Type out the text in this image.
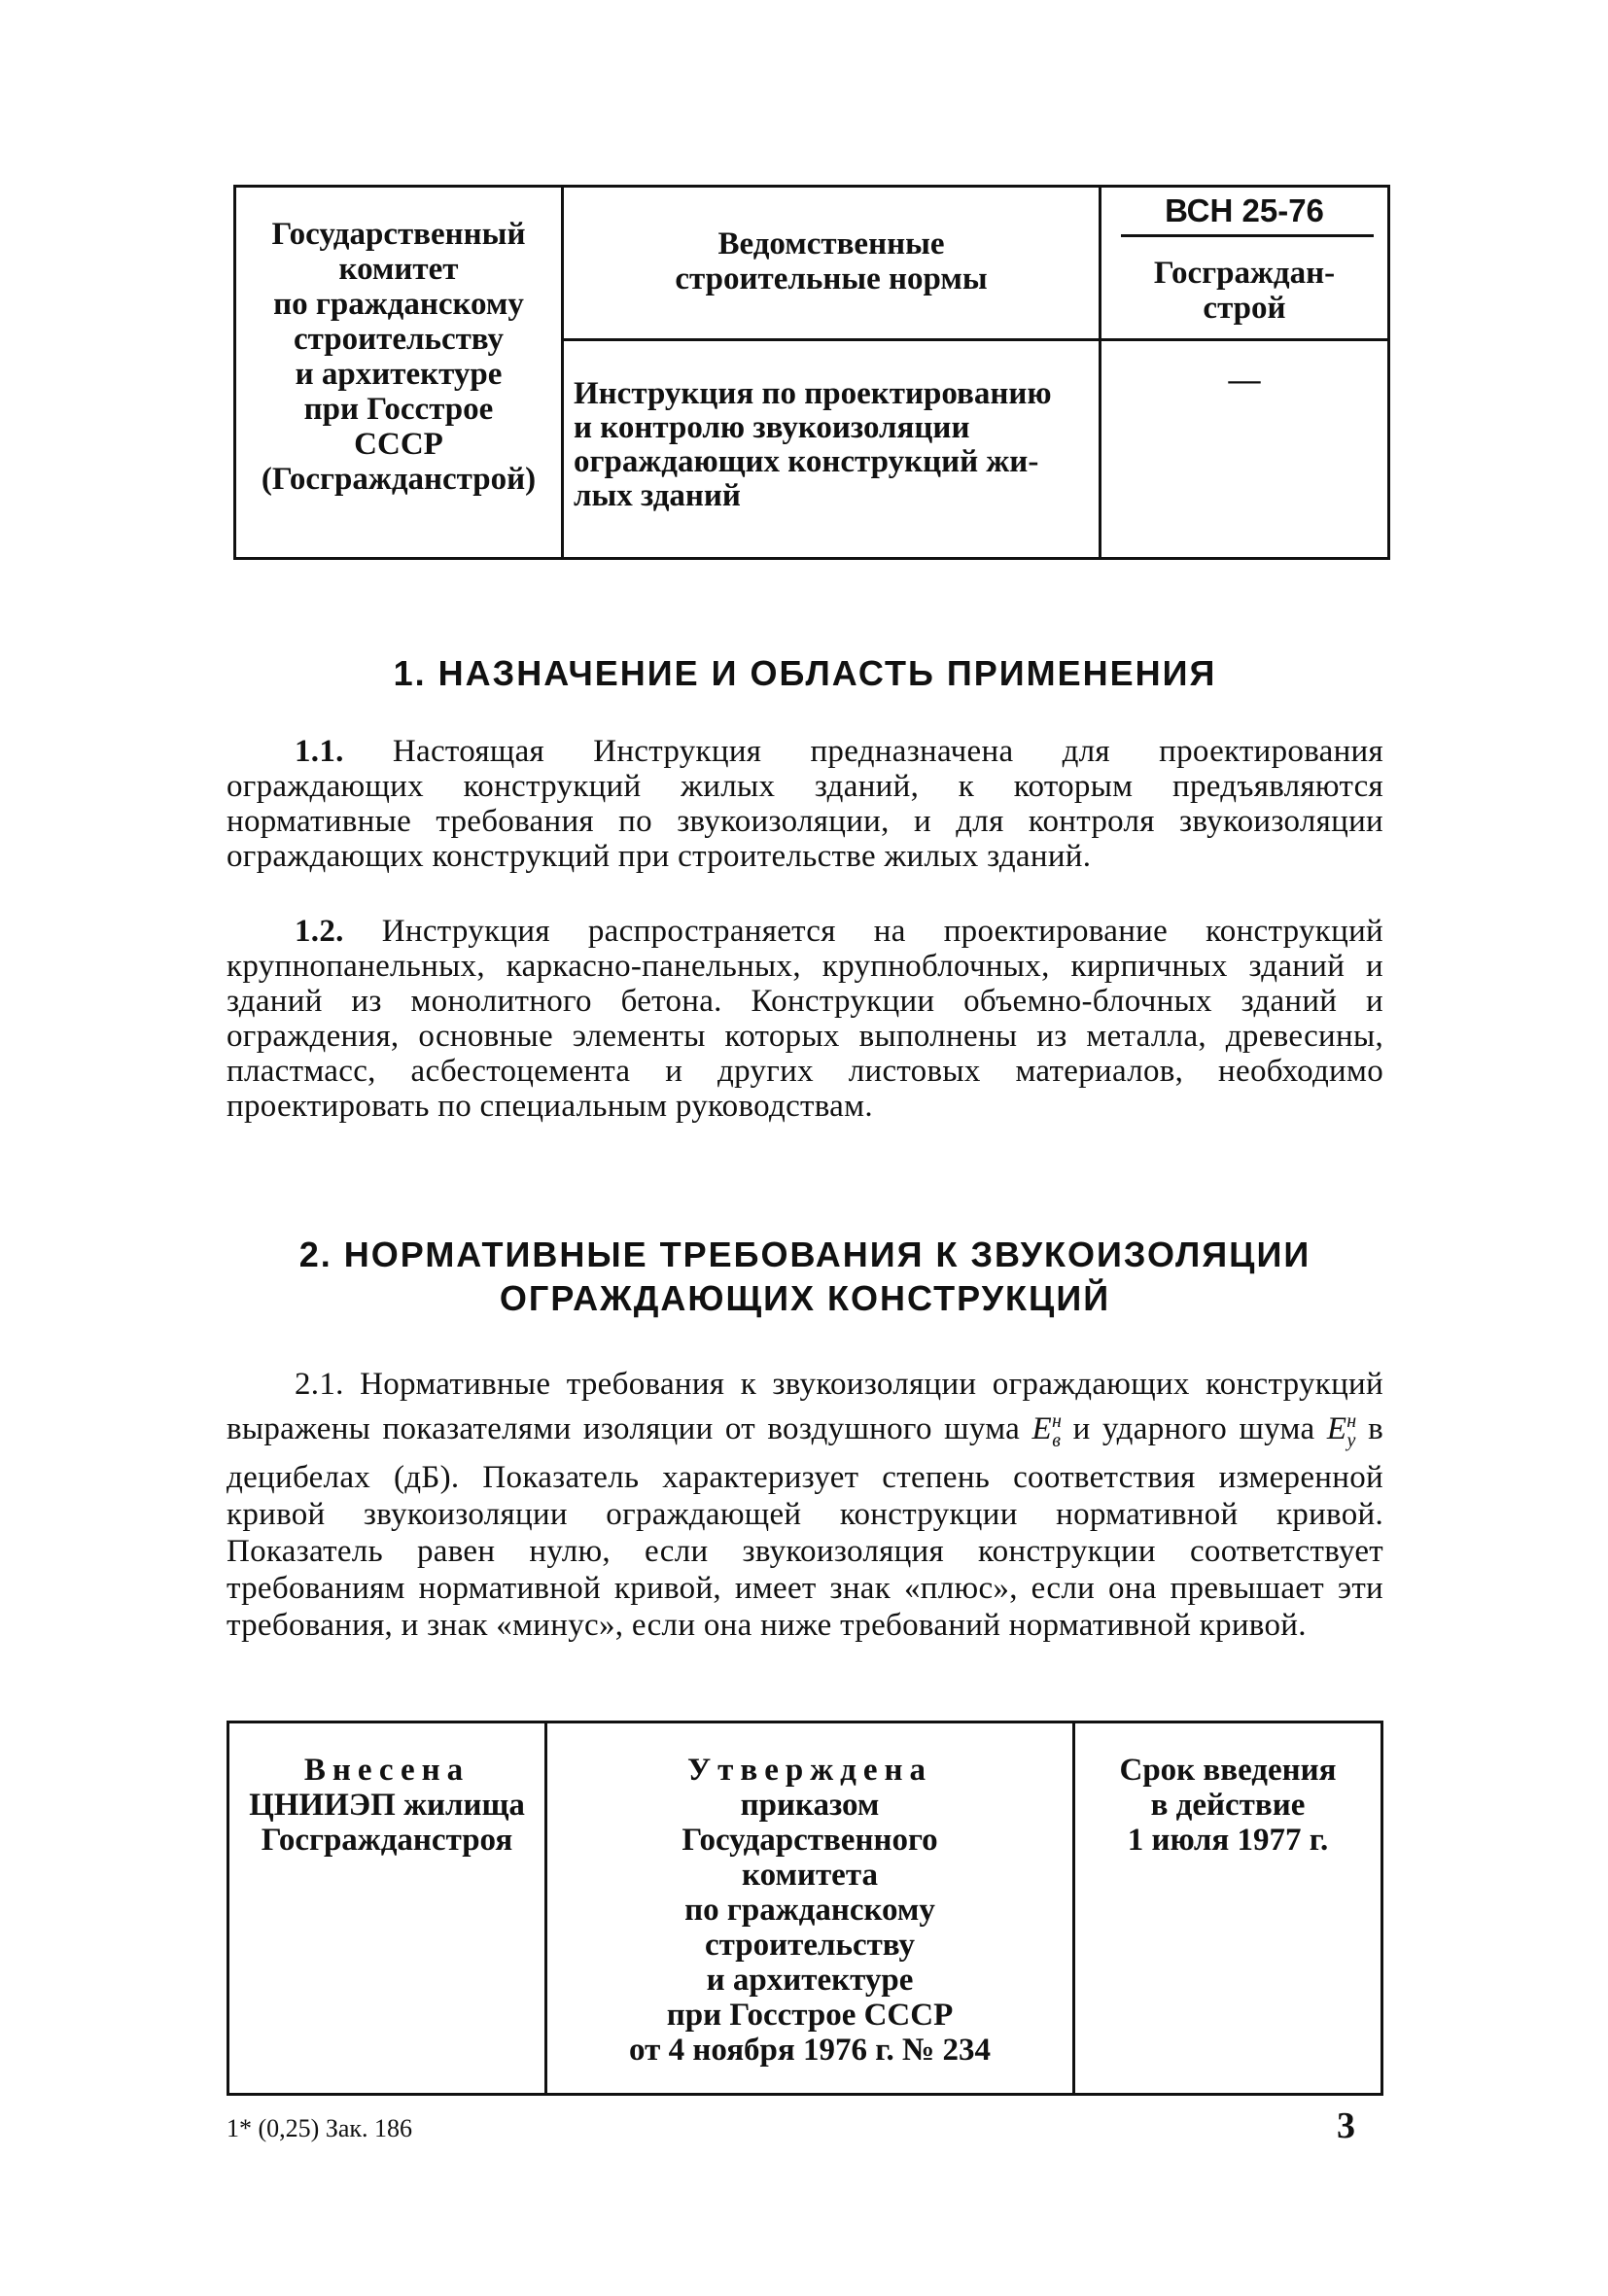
Государственный
комитет
по гражданскому
строительству
и архитектуре
при Госстрое
СССР
(Госгражданстрой)
Ведомственные
строительные нормы
Инструкция по проектированию
и контролю звукоизоляции
ограждающих конструкций жи-
лых зданий
ВСН 25-76
Госграждан-
строй
—
1. НАЗНАЧЕНИЕ И ОБЛАСТЬ ПРИМЕНЕНИЯ
1.1. Настоящая Инструкция предназначена для проектирования ограждающих конструкций жилых зданий, к которым предъявляются нормативные требования по звукоизоляции, и для контроля звукоизоляции ограждающих конструкций при строительстве жилых зданий.
1.2. Инструкция распространяется на проектирование конструкций крупнопанельных, каркасно-панельных, крупноблочных, кирпичных зданий и зданий из монолитного бетона. Конструкции объемно-блочных зданий и ограждения, основные элементы которых выполнены из металла, древесины, пластмасс, асбестоцемента и других листовых материалов, необходимо проектировать по специальным руководствам.
2. НОРМАТИВНЫЕ ТРЕБОВАНИЯ К ЗВУКОИЗОЛЯЦИИ
ОГРАЖДАЮЩИХ КОНСТРУКЦИЙ
2.1. Нормативные требования к звукоизоляции ограждающих конструкций выражены показателями изоляции от воздушного шума $E^н_в$ и ударного шума $E^н_у$ в децибелах (дБ). Показатель характеризует степень соответствия измеренной кривой звукоизоляции ограждающей конструкции нормативной кривой. Показатель равен нулю, если звукоизоляция конструкции соответствует требованиям нормативной кривой, имеет знак «плюс», если она превышает эти требования, и знак «минус», если она ниже требований нормативной кривой.
Внесена
ЦНИИЭП жилища
Госгражданстроя
Утверждена
приказом
Государственного
комитета
по гражданскому
строительству
и архитектуре
при Госстрое СССР
от 4 ноября 1976 г. № 234
Срок введения
в действие
1 июля 1977 г.
1* (0,25) Зак. 186	3
